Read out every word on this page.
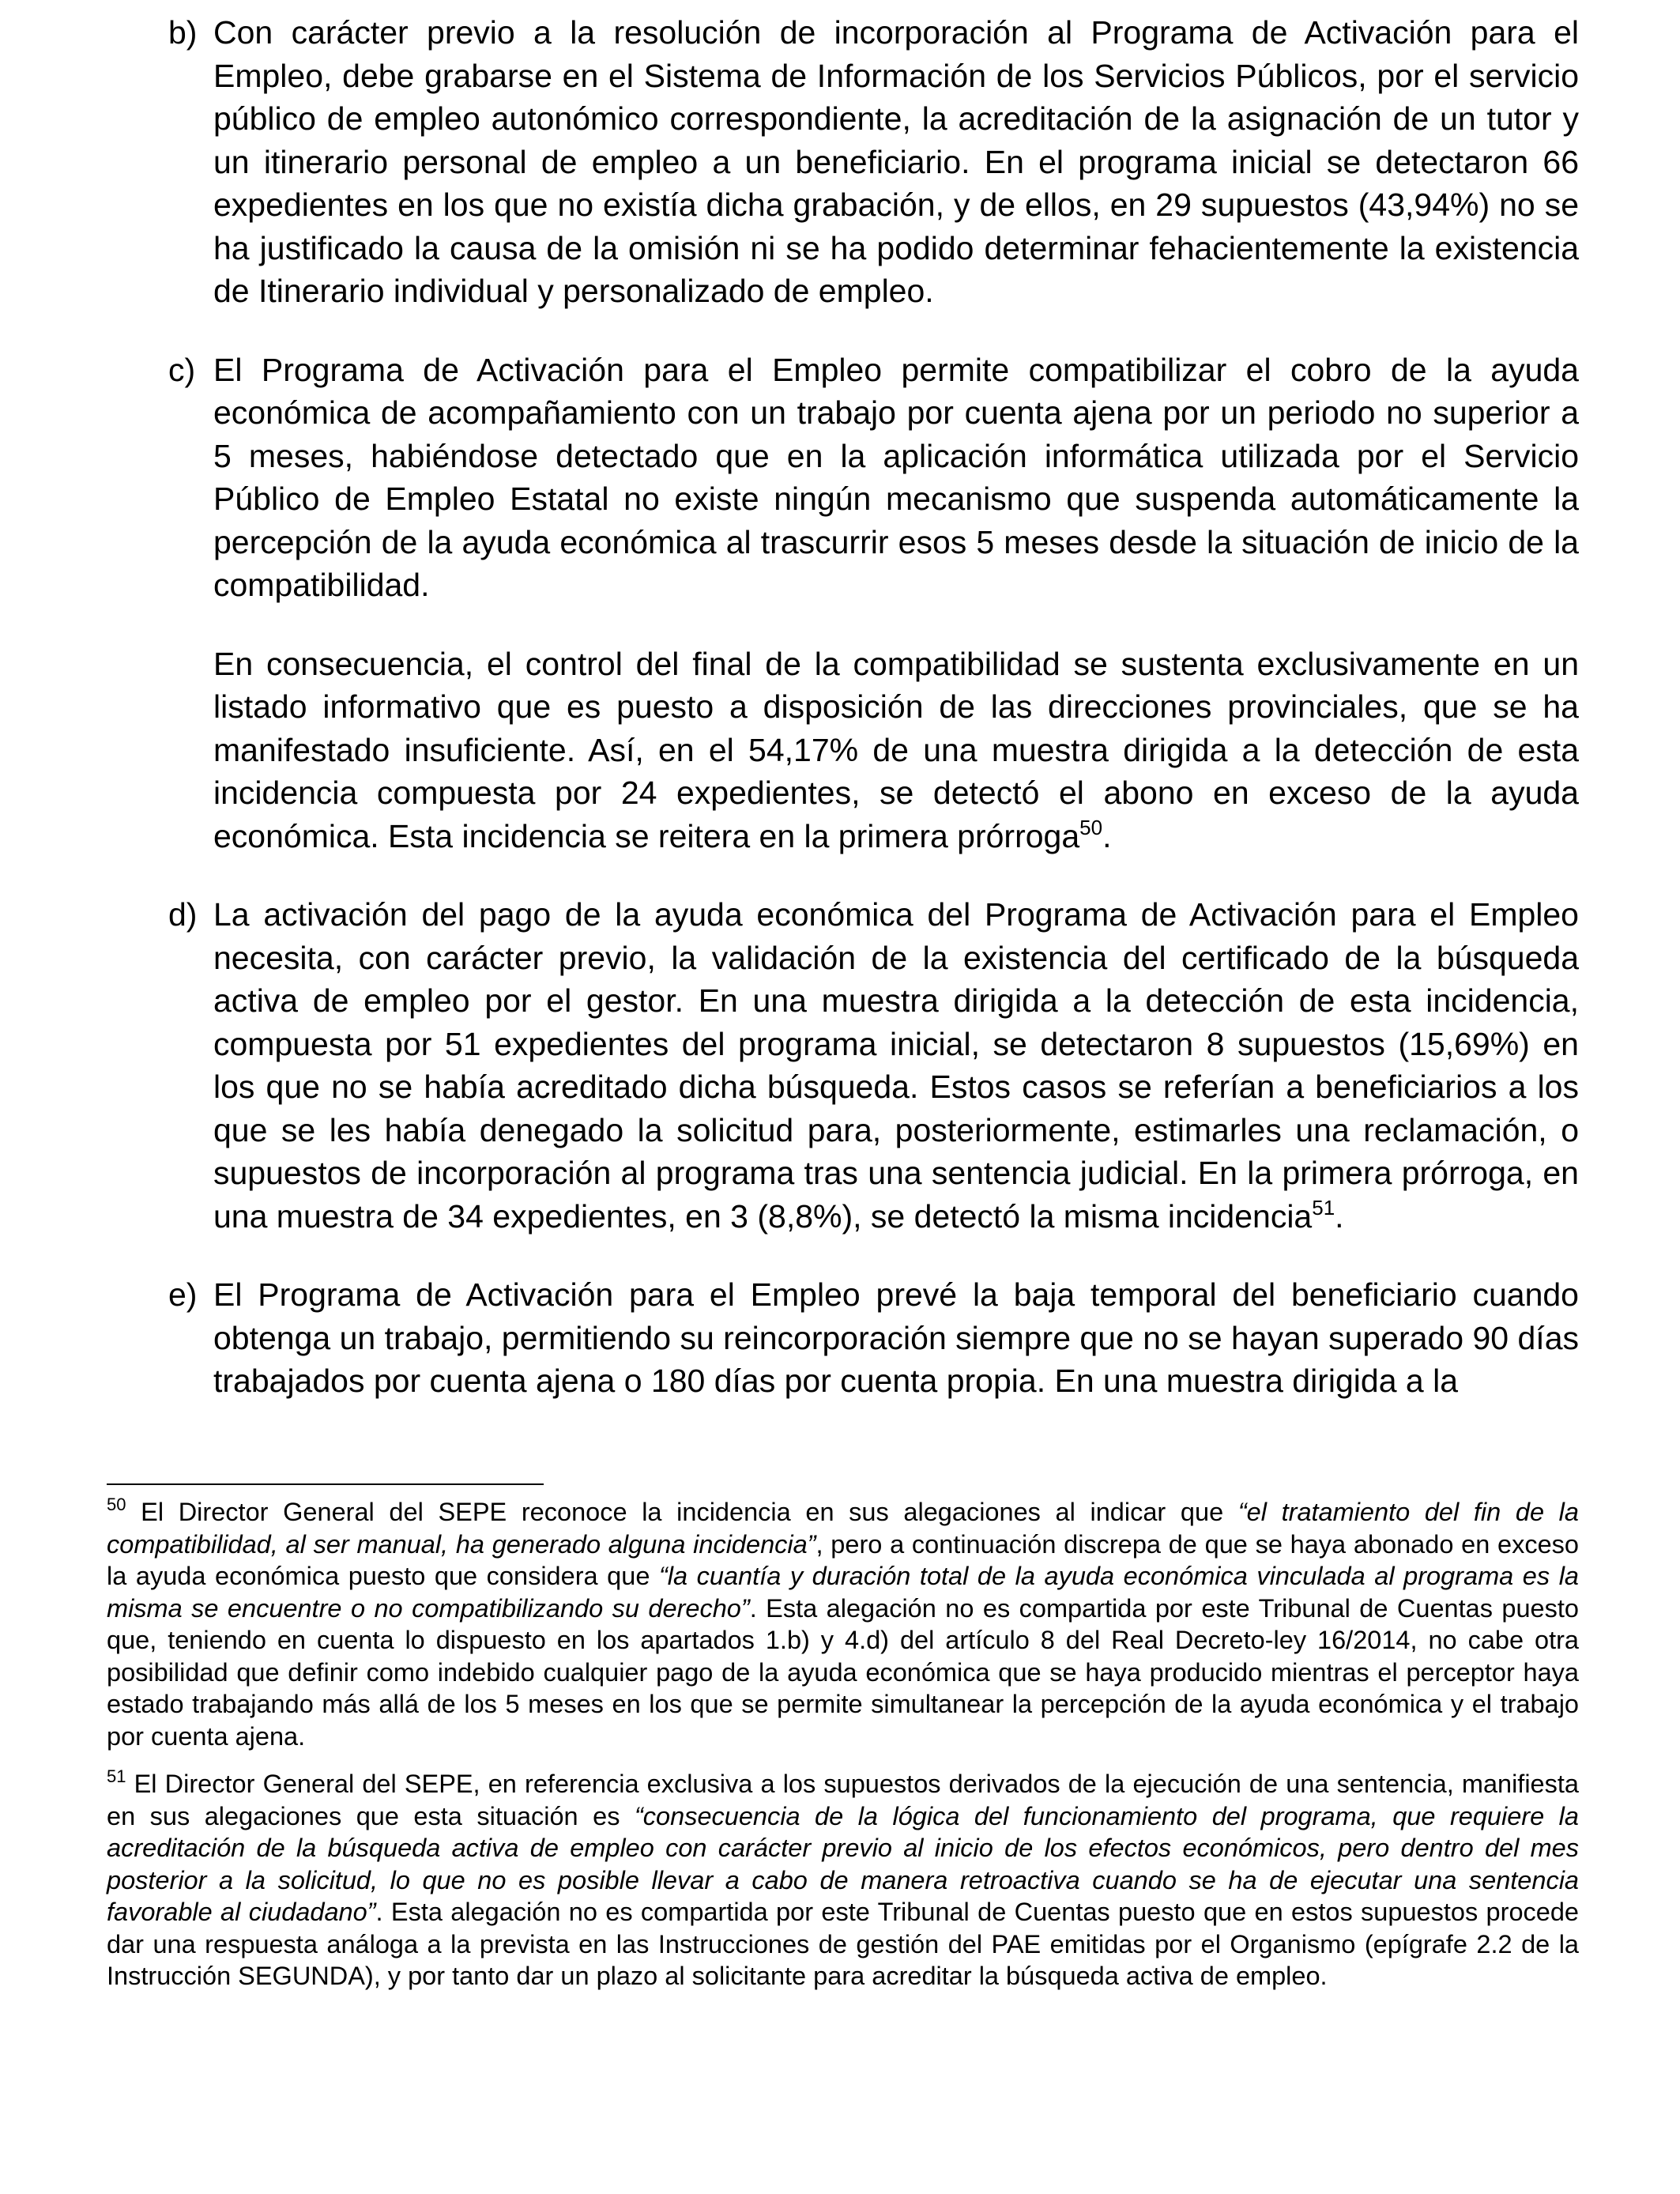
b) Con carácter previo a la resolución de incorporación al Programa de Activación para el Empleo, debe grabarse en el Sistema de Información de los Servicios Públicos, por el servicio público de empleo autonómico correspondiente, la acreditación de la asignación de un tutor y un itinerario personal de empleo a un beneficiario. En el programa inicial se detectaron 66 expedientes en los que no existía dicha grabación, y de ellos, en 29 supuestos (43,94%) no se ha justificado la causa de la omisión ni se ha podido determinar fehacientemente la existencia de Itinerario individual y personalizado de empleo.

c) El Programa de Activación para el Empleo permite compatibilizar el cobro de la ayuda económica de acompañamiento con un trabajo por cuenta ajena por un periodo no superior a 5 meses, habiéndose detectado que en la aplicación informática utilizada por el Servicio Público de Empleo Estatal no existe ningún mecanismo que suspenda automáticamente la percepción de la ayuda económica al trascurrir esos 5 meses desde la situación de inicio de la compatibilidad.

En consecuencia, el control del final de la compatibilidad se sustenta exclusivamente en un listado informativo que es puesto a disposición de las direcciones provinciales, que se ha manifestado insuficiente. Así, en el 54,17% de una muestra dirigida a la detección de esta incidencia compuesta por 24 expedientes, se detectó el abono en exceso de la ayuda económica. Esta incidencia se reitera en la primera prórroga$^{50}$.

d) La activación del pago de la ayuda económica del Programa de Activación para el Empleo necesita, con carácter previo, la validación de la existencia del certificado de la búsqueda activa de empleo por el gestor. En una muestra dirigida a la detección de esta incidencia, compuesta por 51 expedientes del programa inicial, se detectaron 8 supuestos (15,69%) en los que no se había acreditado dicha búsqueda. Estos casos se referían a beneficiarios a los que se les había denegado la solicitud para, posteriormente, estimarles una reclamación, o supuestos de incorporación al programa tras una sentencia judicial. En la primera prórroga, en una muestra de 34 expedientes, en 3 (8,8%), se detectó la misma incidencia$^{51}$.

e) El Programa de Activación para el Empleo prevé la baja temporal del beneficiario cuando obtenga un trabajo, permitiendo su reincorporación siempre que no se hayan superado 90 días trabajados por cuenta ajena o 180 días por cuenta propia. En una muestra dirigida a la

$^{50}$ El Director General del SEPE reconoce la incidencia en sus alegaciones al indicar que “el tratamiento del fin de la compatibilidad, al ser manual, ha generado alguna incidencia”, pero a continuación discrepa de que se haya abonado en exceso la ayuda económica puesto que considera que “la cuantía y duración total de la ayuda económica vinculada al programa es la misma se encuentre o no compatibilizando su derecho”. Esta alegación no es compartida por este Tribunal de Cuentas puesto que, teniendo en cuenta lo dispuesto en los apartados 1.b) y 4.d) del artículo 8 del Real Decreto-ley 16/2014, no cabe otra posibilidad que definir como indebido cualquier pago de la ayuda económica que se haya producido mientras el perceptor haya estado trabajando más allá de los 5 meses en los que se permite simultanear la percepción de la ayuda económica y el trabajo por cuenta ajena.
$^{51}$ El Director General del SEPE, en referencia exclusiva a los supuestos derivados de la ejecución de una sentencia, manifiesta en sus alegaciones que esta situación es “consecuencia de la lógica del funcionamiento del programa, que requiere la acreditación de la búsqueda activa de empleo con carácter previo al inicio de los efectos económicos, pero dentro del mes posterior a la solicitud, lo que no es posible llevar a cabo de manera retroactiva cuando se ha de ejecutar una sentencia favorable al ciudadano”. Esta alegación no es compartida por este Tribunal de Cuentas puesto que en estos supuestos procede dar una respuesta análoga a la prevista en las Instrucciones de gestión del PAE emitidas por el Organismo (epígrafe 2.2 de la Instrucción SEGUNDA), y por tanto dar un plazo al solicitante para acreditar la búsqueda activa de empleo.
